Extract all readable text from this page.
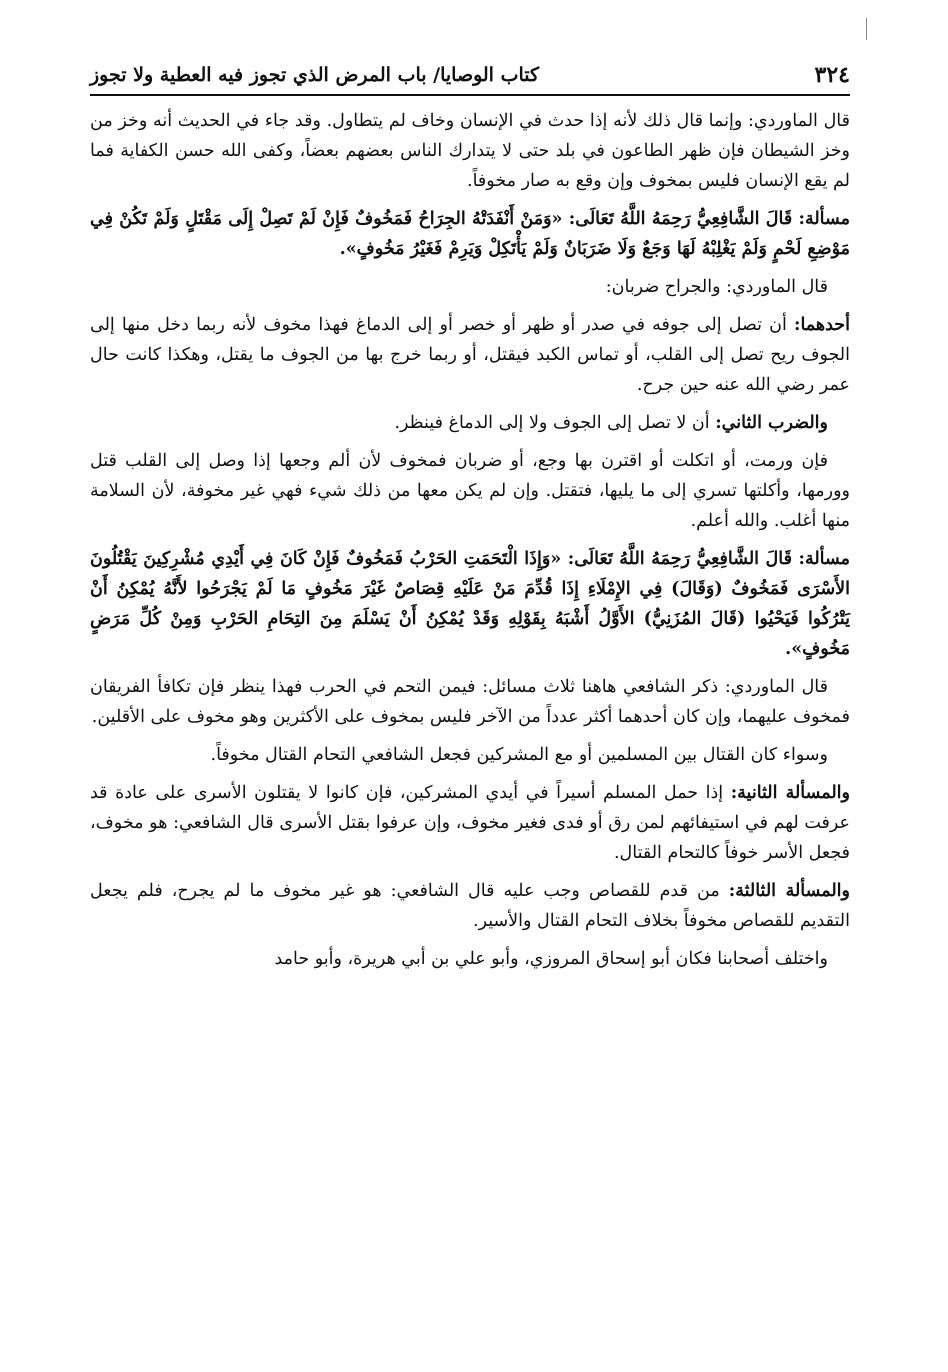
٣٢٤
كتاب الوصايا/ باب المرض الذي تجوز فيه العطية ولا تجوز

قال الماوردي: وإنما قال ذلك لأنه إذا حدث في الإنسان وخاف لم يتطاول. وقد جاء في الحديث أنه وخز من وخز الشيطان فإن ظهر الطاعون في بلد حتى لا يتدارك الناس بعضهم بعضاً، وكفى الله حسن الكفاية فما لم يقع الإنسان فليس بمخوف وإن وقع به صار مخوفاً.

مسألة: قَالَ الشَّافِعِيُّ رَحِمَهُ اللَّهُ تَعَالَى: «وَمَنْ أَنْفَدَتْهُ الجِرَاحُ فَمَخُوفٌ فَإِنْ لَمْ تَصِلْ إِلَى مَقْتَلٍ وَلَمْ تَكُنْ فِي مَوْضِعِ لَحْمٍ وَلَمْ يَغْلِبْهُ لَهَا وَجَعٌ وَلَا ضَرَبَانٌ وَلَمْ يَأْتَكِلْ وَيَرِمْ فَغَيْرُ مَخُوفٍ».

قال الماوردي: والجراح ضربان:

أحدهما: أن تصل إلى جوفه في صدر أو ظهر أو خصر أو إلى الدماغ فهذا مخوف لأنه ربما دخل منها إلى الجوف ريح تصل إلى القلب، أو تماس الكبد فيقتل، أو ربما خرج بها من الجوف ما يقتل، وهكذا كانت حال عمر رضي الله عنه حين جرح.

والضرب الثاني: أن لا تصل إلى الجوف ولا إلى الدماغ فينظر.

فإن ورمت، أو اتكلت أو اقترن بها وجع، أو ضربان فمخوف لأن ألم وجعها إذا وصل إلى القلب قتل وورمها، وأكلتها تسري إلى ما يليها، فتقتل. وإن لم يكن معها من ذلك شيء فهي غير مخوفة، لأن السلامة منها أغلب. والله أعلم.

مسألة: قَالَ الشَّافِعِيُّ رَحِمَهُ اللَّهُ تَعَالَى: «وَإِذَا الْتَحَمَتِ الحَرْبُ فَمَخُوفٌ فَإِنْ كَانَ فِي أَيْدِي مُشْرِكِينَ يَقْتُلُونَ الأَسْرَى فَمَخُوفٌ (وَقَالَ) فِي الإِمْلَاءِ إِذَا قُدِّمَ مَنْ عَلَيْهِ قِصَاصٌ غَيْرَ مَخُوفٍ مَا لَمْ يَجْرَحُوا لأَنَّهُ يُمْكِنُ أَنْ يَتْرُكُوا فَيَحْيُوا (قَالَ المُزَنِيُّ) الأَوَّلُ أَشْبَهُ بِقَوْلِهِ وَقَدْ يُمْكِنُ أَنْ يَسْلَمَ مِنَ التِحَامِ الحَرْبِ وَمِنْ كُلِّ مَرَضٍ مَخُوفٍ».

قال الماوردي: ذكر الشافعي هاهنا ثلاث مسائل: فيمن التحم في الحرب فهذا ينظر فإن تكافأ الفريقان فمخوف عليهما، وإن كان أحدهما أكثر عدداً من الآخر فليس بمخوف على الأكثرين وهو مخوف على الأقلين.

وسواء كان القتال بين المسلمين أو مع المشركين فجعل الشافعي التحام القتال مخوفاً.

والمسألة الثانية: إذا حمل المسلم أسيراً في أيدي المشركين، فإن كانوا لا يقتلون الأسرى على عادة قد عرفت لهم في استيفائهم لمن رق أو فدى فغير مخوف، وإن عرفوا بقتل الأسرى قال الشافعي: هو مخوف، فجعل الأسر خوفاً كالتحام القتال.

والمسألة الثالثة: من قدم للقصاص وجب عليه قال الشافعي: هو غير مخوف ما لم يجرح، فلم يجعل التقديم للقصاص مخوفاً بخلاف التحام القتال والأسير.

واختلف أصحابنا فكان أبو إسحاق المروزي، وأبو علي بن أبي هريرة، وأبو حامد
